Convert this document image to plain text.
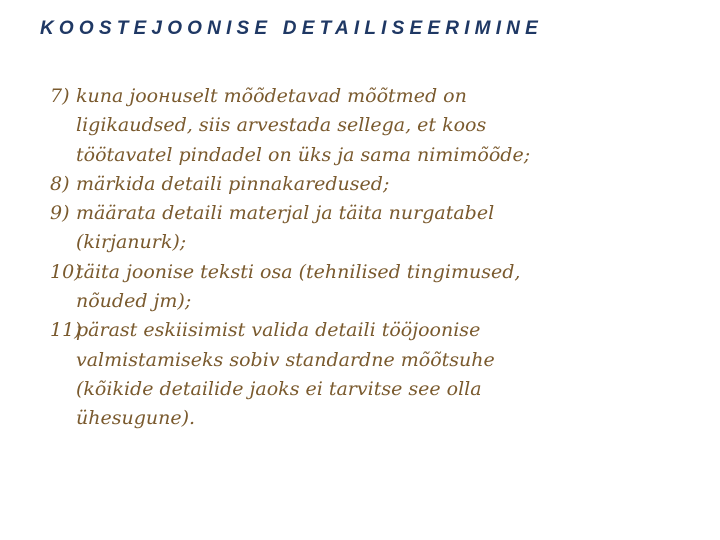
KOOSTEJOONISE DETAILISEERIMINE
7) kuna joониselt mõõdetavad mõõtmed on
ligikaudsed, siis arvestada sellega, et koos
töötavatel pindadel on üks ja sama nimimõõde;
8) märkida detaili pinnakaredused;
9) määrata detaili materjal ja täita nurgatabel
(kirjanurk);
10)
täita joonise teksti osa (tehnilised tingimused,
nõuded jm);
11)
pärast eskiisimist valida detaili tööjoonise
valmistamiseks sobiv standardne mõõtsuhe
(kõikide detailide jaoks ei tarvitse see olla
ühesugune).
